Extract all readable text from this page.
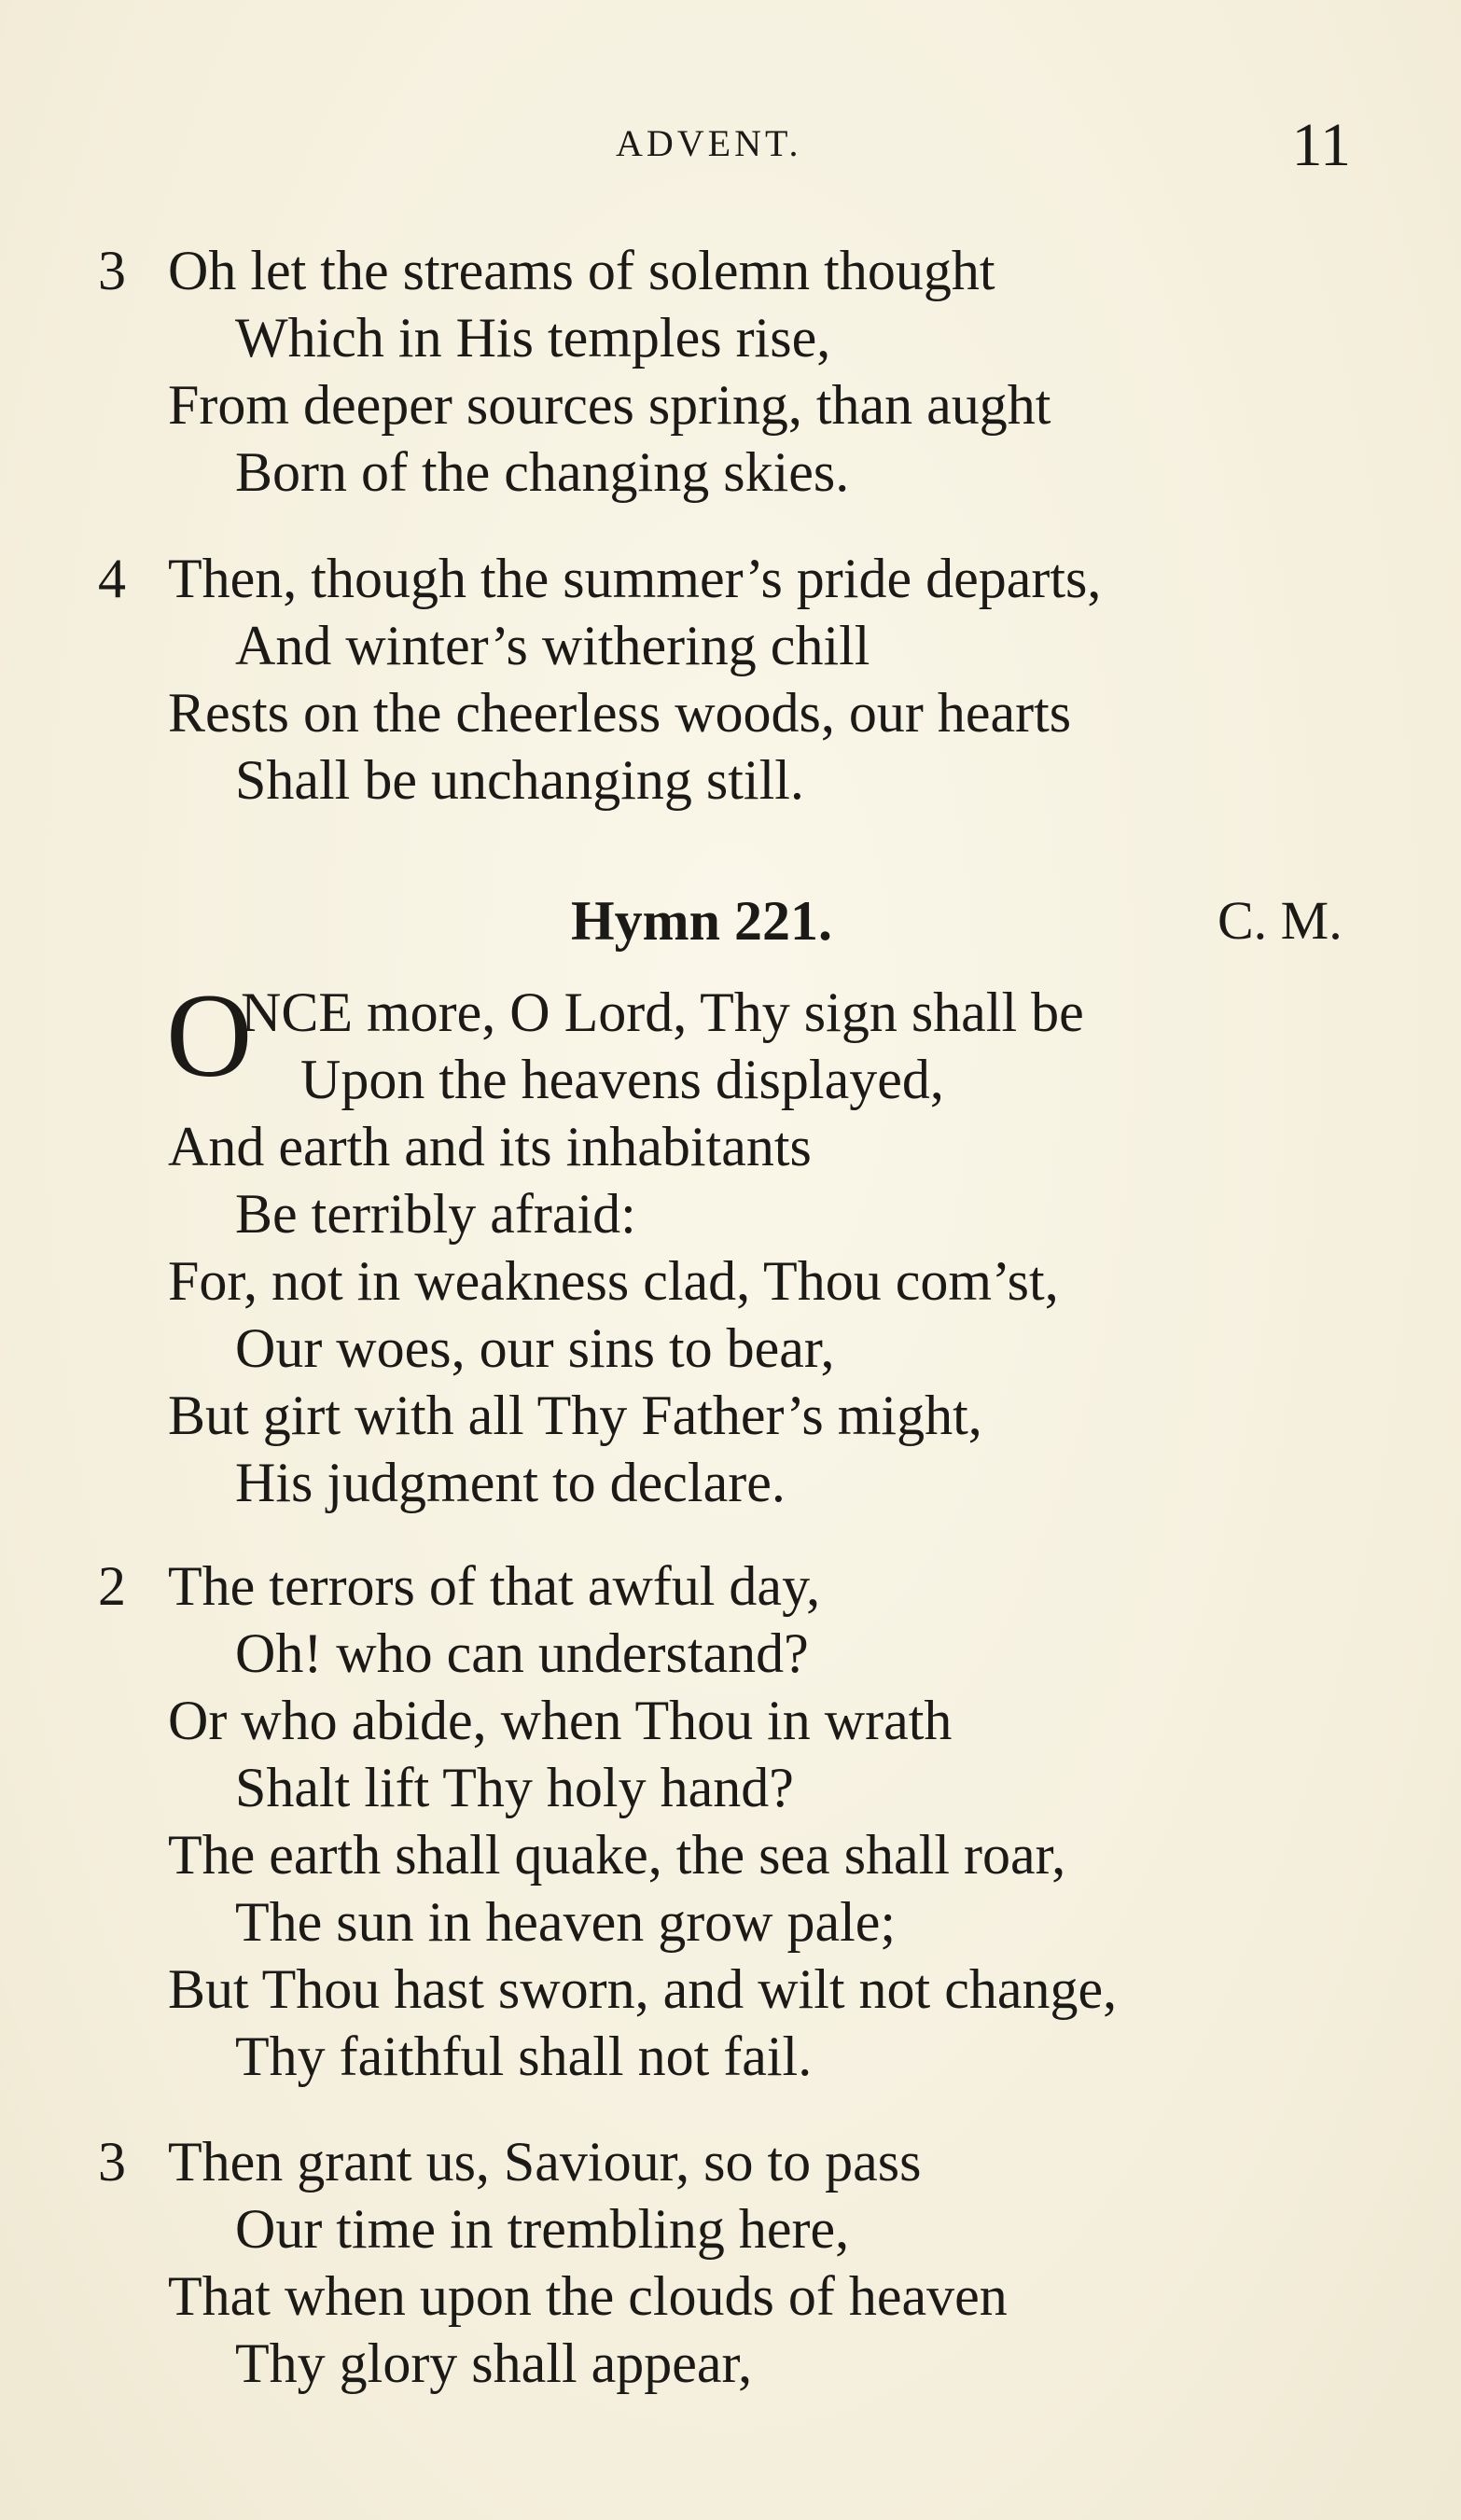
ADVENT.	11
3 Oh let the streams of solemn thought
Which in His temples rise,
From deeper sources spring, than aught
Born of the changing skies.
4 Then, though the summer’s pride departs,
And winter’s withering chill
Rests on the cheerless woods, our hearts
Shall be unchanging still.
Hymn 221.	C. M.
O
NCE more, O Lord, Thy sign shall be
Upon the heavens displayed,
And earth and its inhabitants
Be terribly afraid:
For, not in weakness clad, Thou com’st,
Our woes, our sins to bear,
But girt with all Thy Father’s might,
His judgment to declare.
2 The terrors of that awful day,
Oh! who can understand?
Or who abide, when Thou in wrath
Shalt lift Thy holy hand?
The earth shall quake, the sea shall roar,
The sun in heaven grow pale;
But Thou hast sworn, and wilt not change,
Thy faithful shall not fail.
3 Then grant us, Saviour, so to pass
Our time in trembling here,
That when upon the clouds of heaven
Thy glory shall appear,
